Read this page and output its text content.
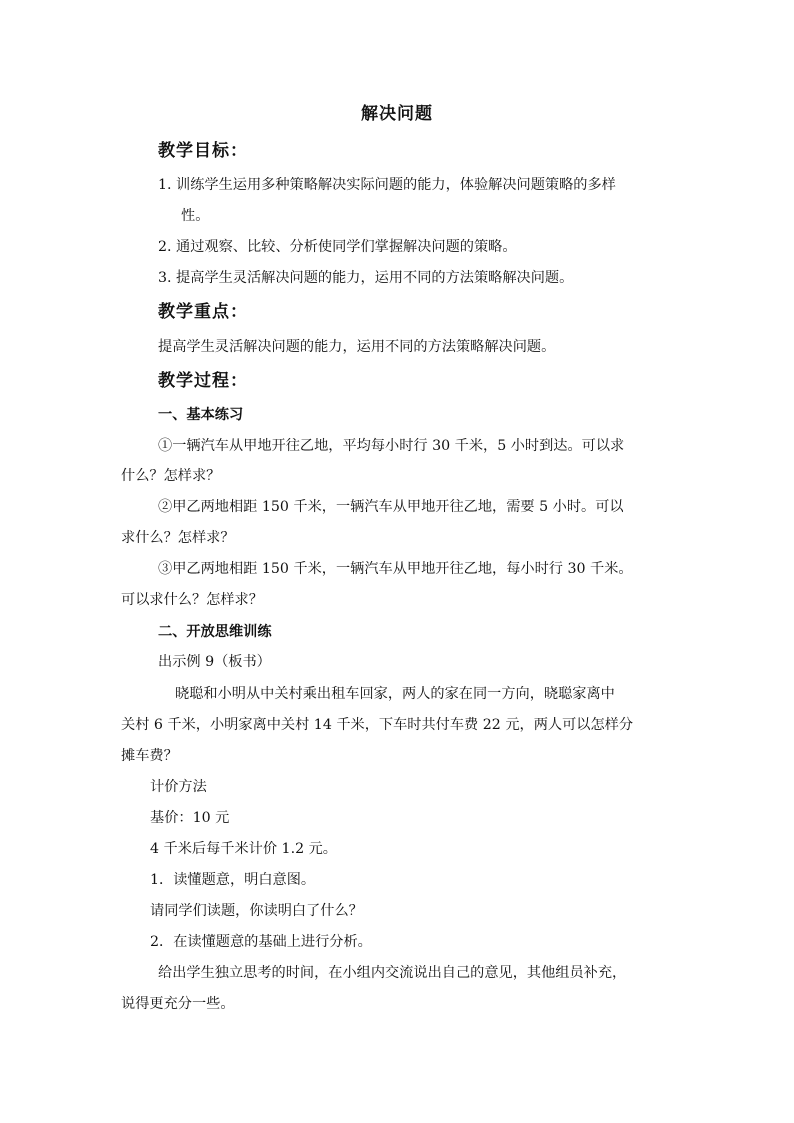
解决问题
教学目标：
1. 训练学生运用多种策略解决实际问题的能力，体验解决问题策略的多样
性。
2. 通过观察、比较、分析使同学们掌握解决问题的策略。
3. 提高学生灵活解决问题的能力，运用不同的方法策略解决问题。
教学重点：
提高学生灵活解决问题的能力，运用不同的方法策略解决问题。
教学过程：
一、基本练习
①一辆汽车从甲地开往乙地，平均每小时行 30 千米，5 小时到达。可以求
什么？怎样求？
②甲乙两地相距 150 千米，一辆汽车从甲地开往乙地，需要 5 小时。可以
求什么？怎样求？
③甲乙两地相距 150 千米，一辆汽车从甲地开往乙地，每小时行 30 千米。
可以求什么？怎样求？
二、开放思维训练
出示例 9（板书）
晓聪和小明从中关村乘出租车回家，两人的家在同一方向，晓聪家离中
关村 6 千米，小明家离中关村 14 千米，下车时共付车费 22 元，两人可以怎样分
摊车费？
计价方法
基价：10 元
4 千米后每千米计价 1.2 元。
1．读懂题意，明白意图。
请同学们读题，你读明白了什么？
2．在读懂题意的基础上进行分析。
给出学生独立思考的时间，在小组内交流说出自己的意见，其他组员补充，
说得更充分一些。
